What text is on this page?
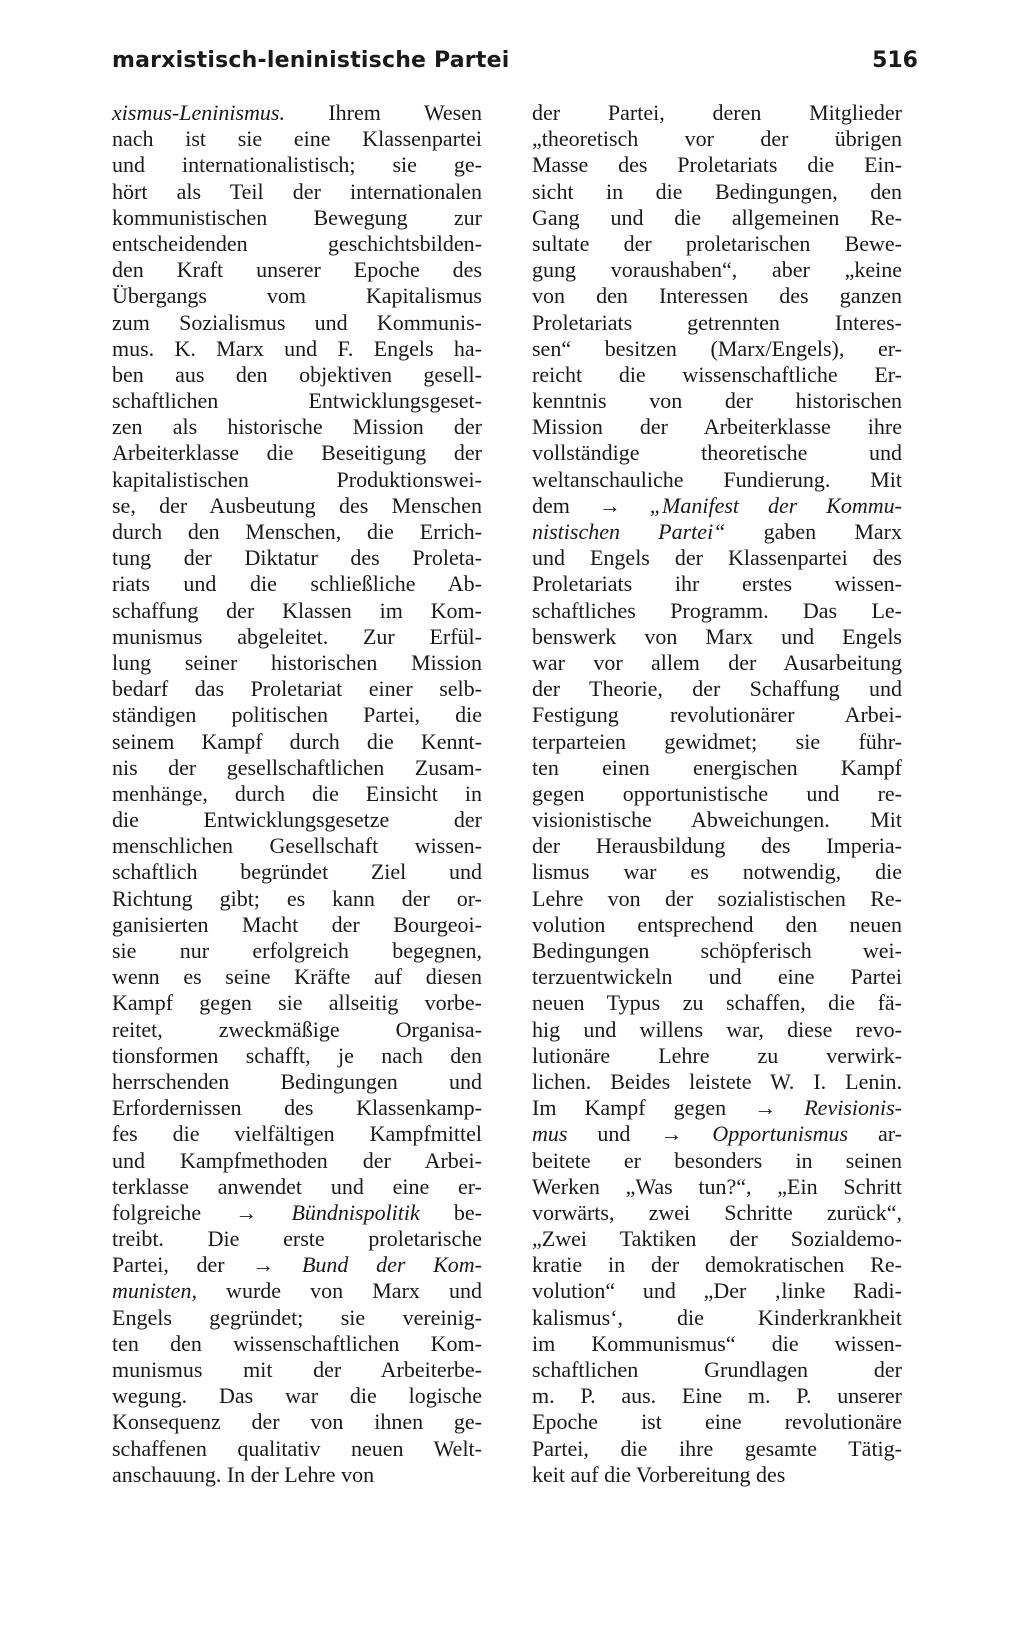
marxistisch-leninistische Partei	516
xismus-Leninismus. Ihrem Wesen
nach ist sie eine Klassenpartei
und internationalistisch; sie ge-
hört als Teil der internationalen
kommunistischen Bewegung zur
entscheidenden geschichtsbilden-
den Kraft unserer Epoche des
Übergangs vom Kapitalismus
zum Sozialismus und Kommunis-
mus. K. Marx und F. Engels ha-
ben aus den objektiven gesell-
schaftlichen Entwicklungsgeset-
zen als historische Mission der
Arbeiterklasse die Beseitigung der
kapitalistischen Produktionswei-
se, der Ausbeutung des Menschen
durch den Menschen, die Errich-
tung der Diktatur des Proleta-
riats und die schließliche Ab-
schaffung der Klassen im Kom-
munismus abgeleitet. Zur Erfül-
lung seiner historischen Mission
bedarf das Proletariat einer selb-
ständigen politischen Partei, die
seinem Kampf durch die Kennt-
nis der gesellschaftlichen Zusam-
menhänge, durch die Einsicht in
die Entwicklungsgesetze der
menschlichen Gesellschaft wissen-
schaftlich begründet Ziel und
Richtung gibt; es kann der or-
ganisierten Macht der Bourgeoi-
sie nur erfolgreich begegnen,
wenn es seine Kräfte auf diesen
Kampf gegen sie allseitig vorbe-
reitet, zweckmäßige Organisa-
tionsformen schafft, je nach den
herrschenden Bedingungen und
Erfordernissen des Klassenkamp-
fes die vielfältigen Kampfmittel
und Kampfmethoden der Arbei-
terklasse anwendet und eine er-
folgreiche → Bündnispolitik be-
treibt. Die erste proletarische
Partei, der → Bund der Kom-
munisten, wurde von Marx und
Engels gegründet; sie vereinig-
ten den wissenschaftlichen Kom-
munismus mit der Arbeiterbe-
wegung. Das war die logische
Konsequenz der von ihnen ge-
schaffenen qualitativ neuen Welt-
anschauung. In der Lehre von
der Partei, deren Mitglieder
„theoretisch vor der übrigen
Masse des Proletariats die Ein-
sicht in die Bedingungen, den
Gang und die allgemeinen Re-
sultate der proletarischen Bewe-
gung voraushaben“, aber „keine
von den Interessen des ganzen
Proletariats getrennten Interes-
sen“ besitzen (Marx/Engels), er-
reicht die wissenschaftliche Er-
kenntnis von der historischen
Mission der Arbeiterklasse ihre
vollständige theoretische und
weltanschauliche Fundierung. Mit
dem → „Manifest der Kommu-
nistischen Partei“ gaben Marx
und Engels der Klassenpartei des
Proletariats ihr erstes wissen-
schaftliches Programm. Das Le-
benswerk von Marx und Engels
war vor allem der Ausarbeitung
der Theorie, der Schaffung und
Festigung revolutionärer Arbei-
terparteien gewidmet; sie führ-
ten einen energischen Kampf
gegen opportunistische und re-
visionistische Abweichungen. Mit
der Herausbildung des Imperia-
lismus war es notwendig, die
Lehre von der sozialistischen Re-
volution entsprechend den neuen
Bedingungen schöpferisch wei-
terzuentwickeln und eine Partei
neuen Typus zu schaffen, die fä-
hig und willens war, diese revo-
lutionäre Lehre zu verwirk-
lichen. Beides leistete W. I. Lenin.
Im Kampf gegen → Revisionis-
mus und → Opportunismus ar-
beitete er besonders in seinen
Werken „Was tun?“, „Ein Schritt
vorwärts, zwei Schritte zurück“,
„Zwei Taktiken der Sozialdemo-
kratie in der demokratischen Re-
volution“ und „Der ‚linke Radi-
kalismus‘, die Kinderkrankheit
im Kommunismus“ die wissen-
schaftlichen Grundlagen der
m. P. aus. Eine m. P. unserer
Epoche ist eine revolutionäre
Partei, die ihre gesamte Tätig-
keit auf die Vorbereitung des
